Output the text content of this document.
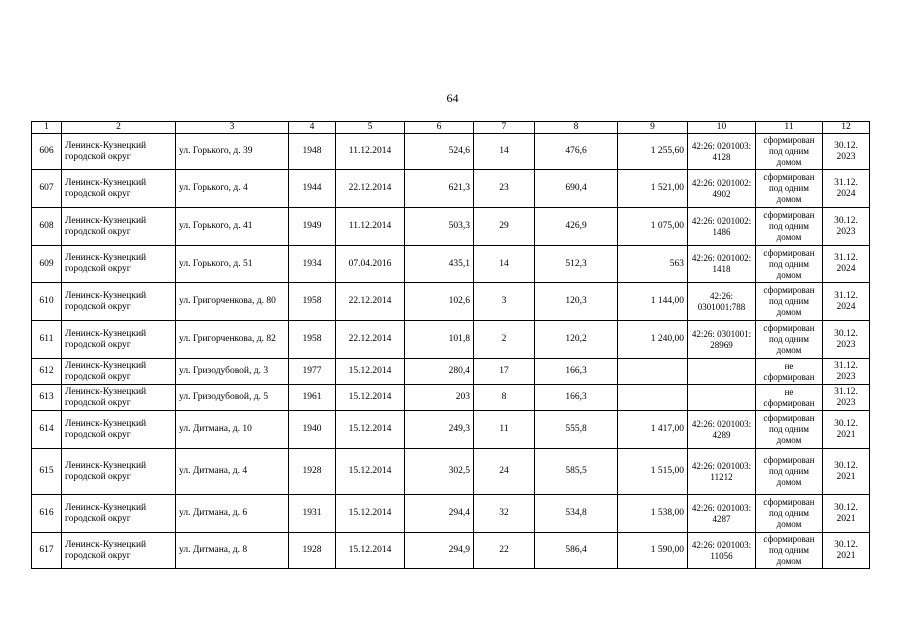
64
1	2	3	4	5	6	7	8	9	10	11	12
606	Ленинск-Кузнецкий городской округ	ул. Горького, д. 39	1948	11.12.2014	524,6	14	476,6	1 255,60	42:26: 0201003: 4128	сформирован под одним домом	30.12. 2023
607	Ленинск-Кузнецкий городской округ	ул. Горького, д. 4	1944	22.12.2014	621,3	23	690,4	1 521,00	42:26: 0201002: 4902	сформирован под одним домом	31.12. 2024
608	Ленинск-Кузнецкий городской округ	ул. Горького, д. 41	1949	11.12.2014	503,3	29	426,9	1 075,00	42:26: 0201002: 1486	сформирован под одним домом	30.12. 2023
609	Ленинск-Кузнецкий городской округ	ул. Горького, д. 51	1934	07.04.2016	435,1	14	512,3	563	42:26: 0201002: 1418	сформирован под одним домом	31.12. 2024
610	Ленинск-Кузнецкий городской округ	ул. Григорченкова, д. 80	1958	22.12.2014	102,6	3	120,3	1 144,00	42:26: 0301001:788	сформирован под одним домом	31.12. 2024
611	Ленинск-Кузнецкий городской округ	ул. Григорченкова, д. 82	1958	22.12.2014	101,8	2	120,2	1 240,00	42:26: 0301001: 28969	сформирован под одним домом	30.12. 2023
612	Ленинск-Кузнецкий городской округ	ул. Гризодубовой, д. 3	1977	15.12.2014	280,4	17	166,3			не сформирован	31.12. 2023
613	Ленинск-Кузнецкий городской округ	ул. Гризодубовой, д. 5	1961	15.12.2014	203	8	166,3			не сформирован	31.12. 2023
614	Ленинск-Кузнецкий городской округ	ул. Дитмана, д. 10	1940	15.12.2014	249,3	11	555,8	1 417,00	42:26: 0201003: 4289	сформирован под одним домом	30.12. 2021
615	Ленинск-Кузнецкий городской округ	ул. Дитмана, д. 4	1928	15.12.2014	302,5	24	585,5	1 515,00	42:26: 0201003: 11212	сформирован под одним домом	30.12. 2021
616	Ленинск-Кузнецкий городской округ	ул. Дитмана, д. 6	1931	15.12.2014	294,4	32	534,8	1 538,00	42:26: 0201003: 4287	сформирован под одним домом	30.12. 2021
617	Ленинск-Кузнецкий городской округ	ул. Дитмана, д. 8	1928	15.12.2014	294,9	22	586,4	1 590,00	42:26: 0201003: 11056	сформирован под одним домом	30.12. 2021
